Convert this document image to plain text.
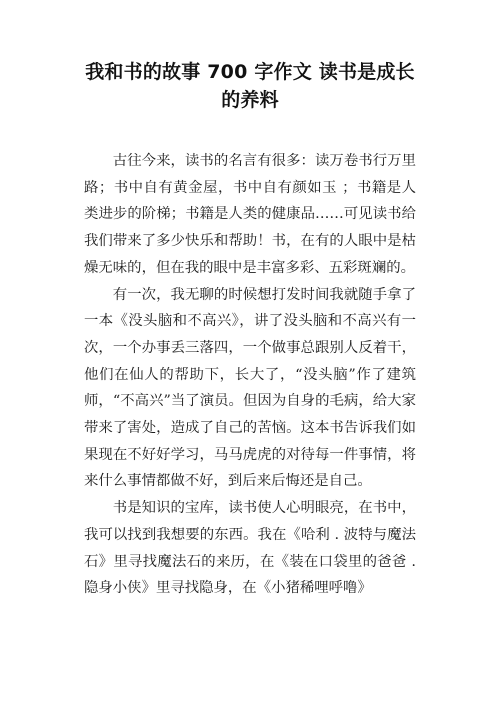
我和书的故事 700 字作文 读书是成长的养料

古往今来，读书的名言有很多：读万卷书行万里路；书中自有黄金屋，书中自有颜如玉 ；书籍是人类进步的阶梯；书籍是人类的健康品……可见读书给我们带来了多少快乐和帮助！书，在有的人眼中是枯燥无味的，但在我的眼中是丰富多彩、五彩斑斓的。

有一次，我无聊的时候想打发时间我就随手拿了一本《没头脑和不高兴》，讲了没头脑和不高兴有一次，一个办事丢三落四，一个做事总跟别人反着干，他们在仙人的帮助下，长大了，“没头脑”作了建筑师，“不高兴”当了演员。但因为自身的毛病，给大家带来了害处，造成了自己的苦恼。这本书告诉我们如果现在不好好学习，马马虎虎的对待每一件事情，将来什么事情都做不好，到后来后悔还是自己。

书是知识的宝库，读书使人心明眼亮，在书中，我可以找到我想要的东西。我在《哈利 . 波特与魔法石》里寻找魔法石的来历，在《装在口袋里的爸爸 . 隐身小侠》里寻找隐身，在《小猪稀哩呼噜》
